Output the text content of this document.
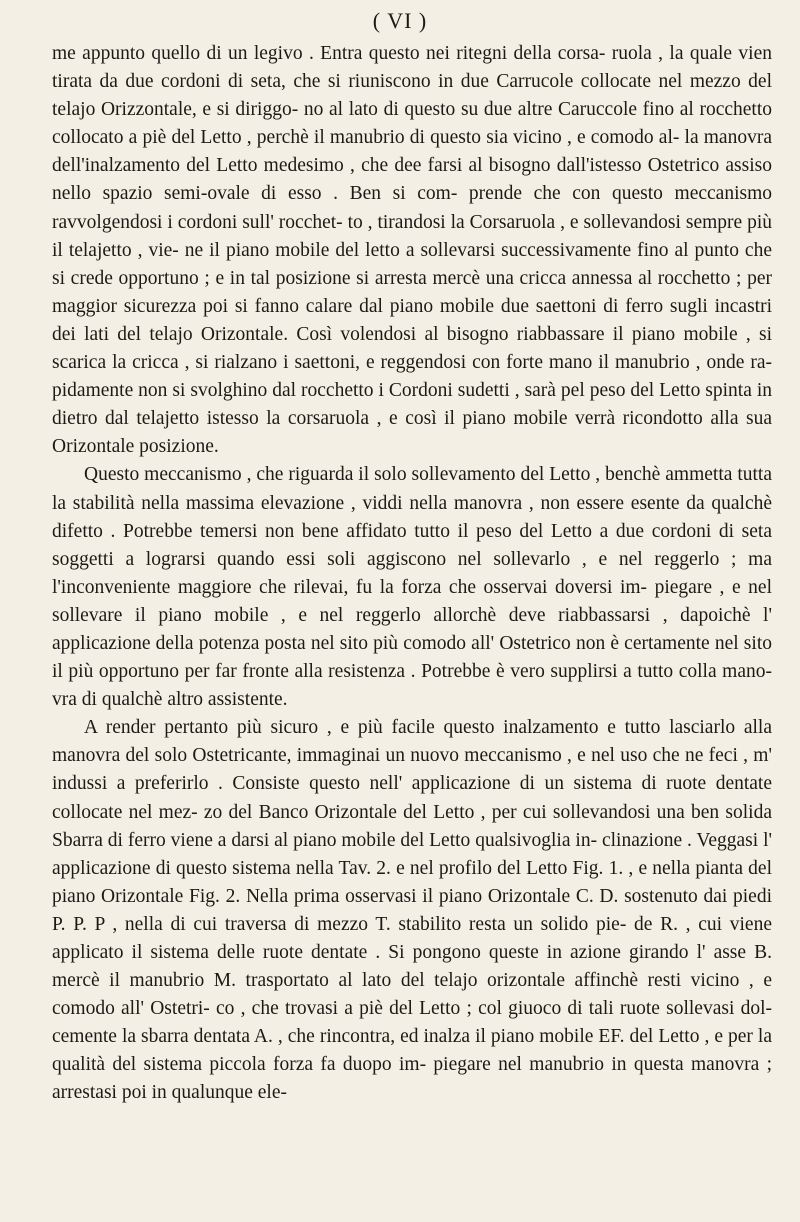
( VI )

me appunto quello di un legivo . Entra questo nei ritegni della corsa- ruola , la quale vien tirata da due cordoni di seta, che si riuniscono in due Carrucole collocate nel mezzo del telajo Orizzontale, e si diriggo- no al lato di questo su due altre Caruccole fino al rocchetto collocato a piè del Letto , perchè il manubrio di questo sia vicino , e comodo al- la manovra dell'inalzamento del Letto medesimo , che dee farsi al bisogno dall'istesso Ostetrico assiso nello spazio semi-ovale di esso . Ben si com- prende che con questo meccanismo ravvolgendosi i cordoni sull' rocchet- to , tirandosi la Corsaruola , e sollevandosi sempre più il telajetto , vie- ne il piano mobile del letto a sollevarsi successivamente fino al punto che si crede opportuno ; e in tal posizione si arresta mercè una cricca annessa al rocchetto ; per maggior sicurezza poi si fanno calare dal piano mobile due saettoni di ferro sugli incastri dei lati del telajo Orizontale. Così volendosi al bisogno riabbassare il piano mobile , si scarica la cricca , si rialzano i saettoni, e reggendosi con forte mano il manubrio , onde ra- pidamente non si svolghino dal rocchetto i Cordoni sudetti , sarà pel peso del Letto spinta in dietro dal telajetto istesso la corsaruola , e così il piano mobile verrà ricondotto alla sua Orizontale posizione.

Questo meccanismo , che riguarda il solo sollevamento del Letto , benchè ammetta tutta la stabilità nella massima elevazione , viddi nella manovra , non essere esente da qualchè difetto . Potrebbe temersi non bene affidato tutto il peso del Letto a due cordoni di seta soggetti a lograrsi quando essi soli aggiscono nel sollevarlo , e nel reggerlo ; ma l'inconveniente maggiore che rilevai, fu la forza che osservai doversi im- piegare , e nel sollevare il piano mobile , e nel reggerlo allorchè deve riabbassarsi , dapoichè l' applicazione della potenza posta nel sito più comodo all' Ostetrico non è certamente nel sito il più opportuno per far fronte alla resistenza . Potrebbe è vero supplirsi a tutto colla mano- vra di qualchè altro assistente.

A render pertanto più sicuro , e più facile questo inalzamento e tutto lasciarlo alla manovra del solo Ostetricante, immaginai un nuovo meccanismo , e nel uso che ne feci , m' indussi a preferirlo . Consiste questo nell' applicazione di un sistema di ruote dentate collocate nel mez- zo del Banco Orizontale del Letto , per cui sollevandosi una ben solida Sbarra di ferro viene a darsi al piano mobile del Letto qualsivoglia in- clinazione . Veggasi l' applicazione di questo sistema nella Tav. 2. e nel profilo del Letto Fig. 1. , e nella pianta del piano Orizontale Fig. 2. Nella prima osservasi il piano Orizontale C. D. sostenuto dai piedi P. P. P , nella di cui traversa di mezzo T. stabilito resta un solido pie- de R. , cui viene applicato il sistema delle ruote dentate . Si pongono queste in azione girando l' asse B. mercè il manubrio M. trasportato al lato del telajo orizontale affinchè resti vicino , e comodo all' Ostetri- co , che trovasi a piè del Letto ; col giuoco di tali ruote sollevasi dol- cemente la sbarra dentata A. , che rincontra, ed inalza il piano mobile EF. del Letto , e per la qualità del sistema piccola forza fa duopo im- piegare nel manubrio in questa manovra ; arrestasi poi in qualunque ele-
